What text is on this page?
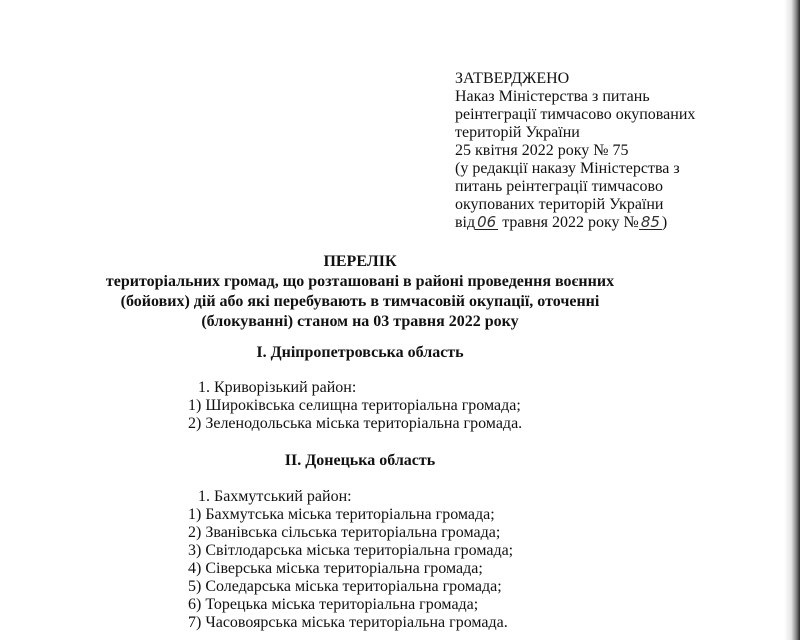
ЗАТВЕРДЖЕНО
Наказ Міністерства з питань
реінтеграції тимчасово окупованих
територій України
25 квітня 2022 року № 75
(у редакції наказу Міністерства з
питань реінтеграції тимчасово
окупованих територій України
від 06 травня 2022 року № 85 )
ПЕРЕЛІК
територіальних громад, що розташовані в районі проведення воєнних
(бойових) дій або які перебувають в тимчасовій окупації, оточенні
(блокуванні) станом на 03 травня 2022 року
І. Дніпропетровська область
1. Криворізький район:
1) Широківська селищна територіальна громада;
2) Зеленодольська міська територіальна громада.
ІІ. Донецька область
1. Бахмутський район:
1) Бахмутська міська територіальна громада;
2) Званівська сільська територіальна громада;
3) Світлодарська міська територіальна громада;
4) Сіверська міська територіальна громада;
5) Соледарська міська територіальна громада;
6) Торецька міська територіальна громада;
7) Часовоярська міська територіальна громада.
